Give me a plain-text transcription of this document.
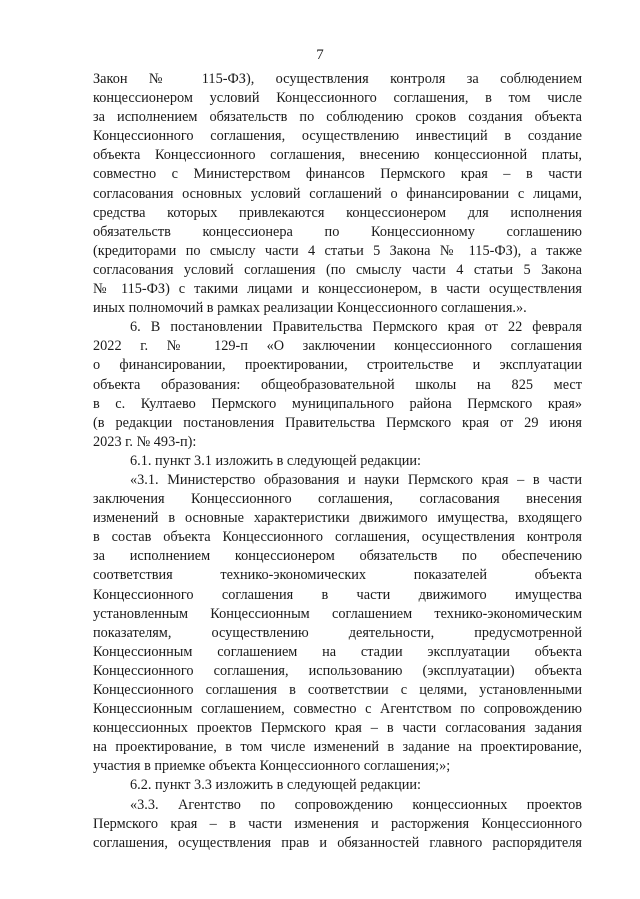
7
Закон № 115-ФЗ), осуществления контроля за соблюдением
концессионером условий Концессионного соглашения, в том числе
за исполнением обязательств по соблюдению сроков создания объекта
Концессионного соглашения, осуществлению инвестиций в создание
объекта Концессионного соглашения, внесению концессионной платы,
совместно с Министерством финансов Пермского края – в части
согласования основных условий соглашений о финансировании с лицами,
средства которых привлекаются концессионером для исполнения
обязательств концессионера по Концессионному соглашению
(кредиторами по смыслу части 4 статьи 5 Закона № 115-ФЗ), а также
согласования условий соглашения (по смыслу части 4 статьи 5 Закона
№ 115-ФЗ) с такими лицами и концессионером, в части осуществления
иных полномочий в рамках реализации Концессионного соглашения.».
6. В постановлении Правительства Пермского края от 22 февраля
2022 г. № 129-п «О заключении концессионного соглашения
о финансировании, проектировании, строительстве и эксплуатации
объекта образования: общеобразовательной школы на 825 мест
в с. Култаево Пермского муниципального района Пермского края»
(в редакции постановления Правительства Пермского края от 29 июня
2023 г. № 493-п):
6.1. пункт 3.1 изложить в следующей редакции:
«3.1. Министерство образования и науки Пермского края – в части
заключения Концессионного соглашения, согласования внесения
изменений в основные характеристики движимого имущества, входящего
в состав объекта Концессионного соглашения, осуществления контроля
за исполнением концессионером обязательств по обеспечению
соответствия технико-экономических показателей объекта
Концессионного соглашения в части движимого имущества
установленным Концессионным соглашением технико-экономическим
показателям, осуществлению деятельности, предусмотренной
Концессионным соглашением на стадии эксплуатации объекта
Концессионного соглашения, использованию (эксплуатации) объекта
Концессионного соглашения в соответствии с целями, установленными
Концессионным соглашением, совместно с Агентством по сопровождению
концессионных проектов Пермского края – в части согласования задания
на проектирование, в том числе изменений в задание на проектирование,
участия в приемке объекта Концессионного соглашения;»;
6.2. пункт 3.3 изложить в следующей редакции:
«3.3. Агентство по сопровождению концессионных проектов
Пермского края – в части изменения и расторжения Концессионного
соглашения, осуществления прав и обязанностей главного распорядителя
